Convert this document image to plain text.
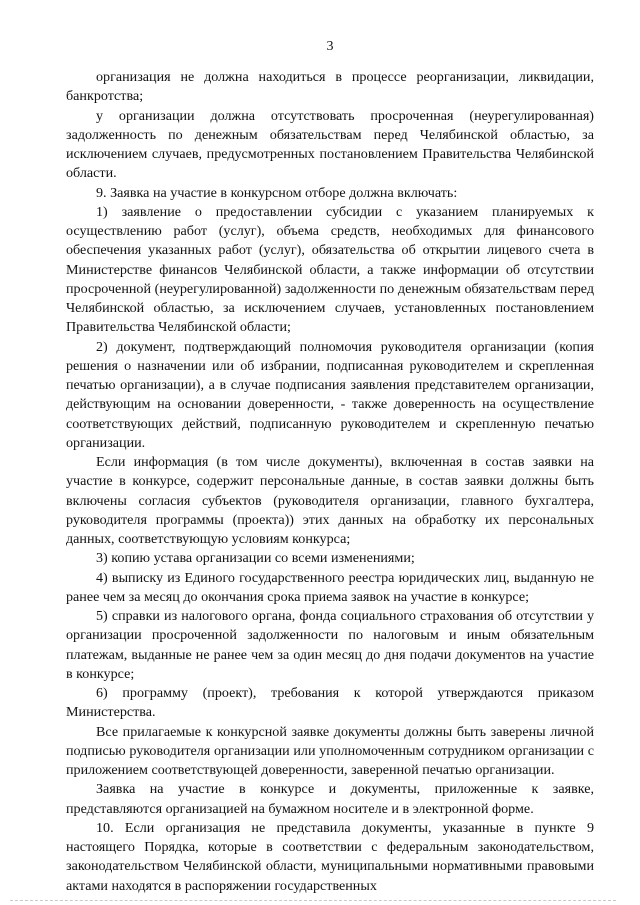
3

организация не должна находиться в процессе реорганизации, ликвидации, банкротства;

у организации должна отсутствовать просроченная (неурегулированная) задолженность по денежным обязательствам перед Челябинской областью, за исключением случаев, предусмотренных постановлением Правительства Челябинской области.

9. Заявка на участие в конкурсном отборе должна включать:

1) заявление о предоставлении субсидии с указанием планируемых к осуществлению работ (услуг), объема средств, необходимых для финансового обеспечения указанных работ (услуг), обязательства об открытии лицевого счета в Министерстве финансов Челябинской области, а также информации об отсутствии просроченной (неурегулированной) задолженности по денежным обязательствам перед Челябинской областью, за исключением случаев, установленных постановлением Правительства Челябинской области;

2) документ, подтверждающий полномочия руководителя организации (копия решения о назначении или об избрании, подписанная руководителем и скрепленная печатью организации), а в случае подписания заявления представителем организации, действующим на основании доверенности, - также доверенность на осуществление соответствующих действий, подписанную руководителем и скрепленную печатью организации.

Если информация (в том числе документы), включенная в состав заявки на участие в конкурсе, содержит персональные данные, в состав заявки должны быть включены согласия субъектов (руководителя организации, главного бухгалтера, руководителя программы (проекта)) этих данных на обработку их персональных данных, соответствующую условиям конкурса;

3) копию устава организации со всеми изменениями;

4) выписку из Единого государственного реестра юридических лиц, выданную не ранее чем за месяц до окончания срока приема заявок на участие в конкурсе;

5) справки из налогового органа, фонда социального страхования об отсутствии у организации просроченной задолженности по налоговым и иным обязательным платежам, выданные не ранее чем за один месяц до дня подачи документов на участие в конкурсе;

6) программу (проект), требования к которой утверждаются приказом Министерства.

Все прилагаемые к конкурсной заявке документы должны быть заверены личной подписью руководителя организации или уполномоченным сотрудником организации с приложением соответствующей доверенности, заверенной печатью организации.

Заявка на участие в конкурсе и документы, приложенные к заявке, представляются организацией на бумажном носителе и в электронной форме.

10. Если организация не представила документы, указанные в пункте 9 настоящего Порядка, которые в соответствии с федеральным законодательством, законодательством Челябинской области, муниципальными нормативными правовыми актами находятся в распоряжении государственных
